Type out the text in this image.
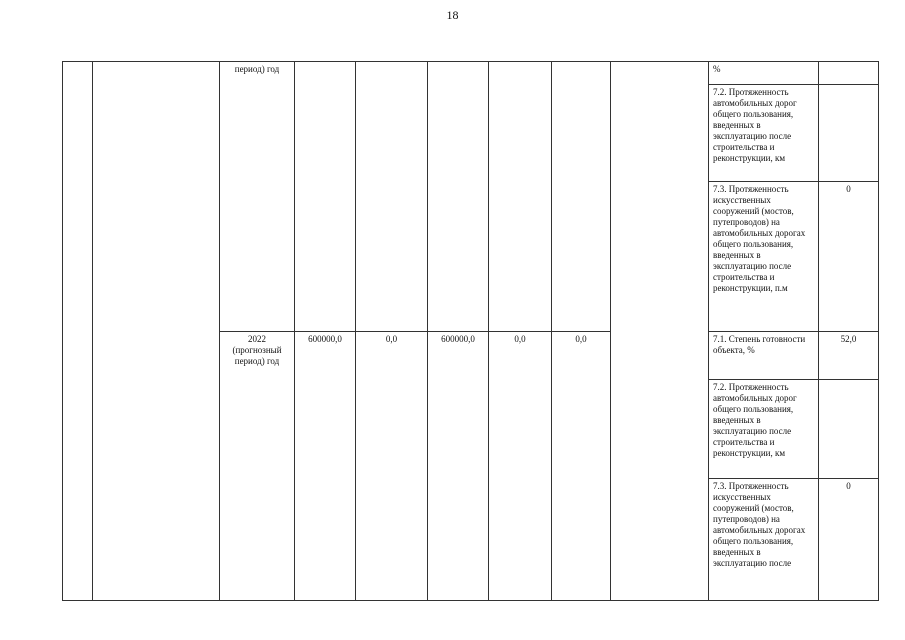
18
		период) год							%	
									7.2. Протяженность автомобильных дорог общего пользования, введенных в эксплуатацию после строительства и реконструкции, км	
									7.3. Протяженность искусственных сооружений (мостов, путепроводов) на автомобильных дорогах общего пользования, введенных в эксплуатацию после строительства и реконструкции, п.м	0
		2022 (прогнозный период) год	600000,0	0,0	600000,0	0,0	0,0		7.1. Степень готовности объекта, %	52,0
									7.2. Протяженность автомобильных дорог общего пользования, введенных в эксплуатацию после строительства и реконструкции, км	
									7.3. Протяженность искусственных сооружений (мостов, путепроводов) на автомобильных дорогах общего пользования, введенных в эксплуатацию после	0
